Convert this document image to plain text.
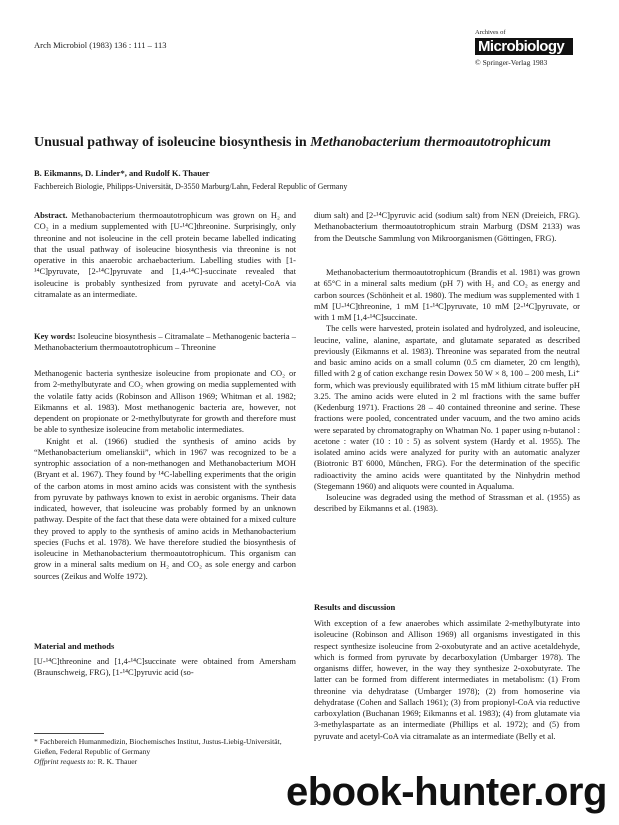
Arch Microbiol (1983) 136 : 111 – 113
Archives of
Microbiology
© Springer-Verlag 1983
Unusual pathway of isoleucine biosynthesis in Methanobacterium thermoautotrophicum
B. Eikmanns, D. Linder*, and Rudolf K. Thauer
Fachbereich Biologie, Philipps-Universität, D-3550 Marburg/Lahn, Federal Republic of Germany

Abstract. Methanobacterium thermoautotrophicum was grown on H₂ and CO₂ in a medium supplemented with [U-¹⁴C]threonine. Surprisingly, only threonine and not isoleucine in the cell protein became labelled indicating that the usual pathway of isoleucine biosynthesis via threonine is not operative in this anaerobic archaebacterium. Labelling studies with [1-¹⁴C]pyruvate, [2-¹⁴C]pyruvate and [1,4-¹⁴C]-succinate revealed that isoleucine is probably synthesized from pyruvate and acetyl-CoA via citramalate as an intermediate.

Key words: Isoleucine biosynthesis – Citramalate – Methanogenic bacteria – Methanobacterium thermoautotrophicum – Threonine

Methanogenic bacteria synthesize isoleucine from propionate and CO₂ or from 2-methylbutyrate and CO₂ when growing on media supplemented with the volatile fatty acids (Robinson and Allison 1969; Whitman et al. 1982; Eikmanns et al. 1983). Most methanogenic bacteria are, however, not dependent on propionate or 2-methylbutyrate for growth and therefore must be able to synthesize isoleucine from metabolic intermediates.

Knight et al. (1966) studied the synthesis of amino acids by “Methanobacterium omelianskii”, which in 1967 was recognized to be a syntrophic association of a non-methanogen and Methanobacterium MOH (Bryant et al. 1967). They found by ¹⁴C-labelling experiments that the origin of the carbon atoms in most amino acids was consistent with the synthesis from pyruvate by pathways known to exist in aerobic organisms. Their data indicated, however, that isoleucine was probably formed by an unknown pathway. Despite of the fact that these data were obtained for a mixed culture they proved to apply to the synthesis of amino acids in Methanobacterium species (Fuchs et al. 1978). We have therefore studied the biosynthesis of isoleucine in Methanobacterium thermoautotrophicum. This organism can grow in a mineral salts medium on H₂ and CO₂ as sole energy and carbon sources (Zeikus and Wolfe 1972).

Material and methods

[U-¹⁴C]threonine and [1,4-¹⁴C]succinate were obtained from Amersham (Braunschweig, FRG), [1-¹⁴C]pyruvic acid (so-

* Fachbereich Humanmedizin, Biochemisches Institut, Justus-Liebig-Universität, Gießen, Federal Republic of Germany

Offprint requests to: R. K. Thauer

dium salt) and [2-¹⁴C]pyruvic acid (sodium salt) from NEN (Dreieich, FRG). Methanobacterium thermoautotrophicum strain Marburg (DSM 2133) was from the Deutsche Sammlung von Mikroorganismen (Göttingen, FRG).

Methanobacterium thermoautotrophicum (Brandis et al. 1981) was grown at 65°C in a mineral salts medium (pH 7) with H₂ and CO₂ as energy and carbon sources (Schönheit et al. 1980). The medium was supplemented with 1 mM [U-¹⁴C]threonine, 1 mM [1-¹⁴C]pyruvate, 10 mM [2-¹⁴C]pyruvate, or with 1 mM [1,4-¹⁴C]succinate.

The cells were harvested, protein isolated and hydrolyzed, and isoleucine, leucine, valine, alanine, aspartate, and glutamate separated as described previously (Eikmanns et al. 1983). Threonine was separated from the neutral and basic amino acids on a small column (0.5 cm diameter, 20 cm length), filled with 2 g of cation exchange resin Dowex 50 W × 8, 100 – 200 mesh, Li⁺ form, which was previously equilibrated with 15 mM lithium citrate buffer pH 3.25. The amino acids were eluted in 2 ml fractions with the same buffer (Kedenburg 1971). Fractions 28 – 40 contained threonine and serine. These fractions were pooled, concentrated under vacuum, and the two amino acids were separated by chromatography on Whatman No. 1 paper using n-butanol : acetone : water (10 : 10 : 5) as solvent system (Hardy et al. 1955). The isolated amino acids were analyzed for purity with an automatic analyzer (Biotronic BT 6000, München, FRG). For the determination of the specific radioactivity the amino acids were quantitated by the Ninhydrin method (Stegemann 1960) and aliquots were counted in Aqualuma.

Isoleucine was degraded using the method of Strassman et al. (1955) as described by Eikmanns et al. (1983).

Results and discussion

With exception of a few anaerobes which assimilate 2-methylbutyrate into isoleucine (Robinson and Allison 1969) all organisms investigated in this respect synthesize isoleucine from 2-oxobutyrate and an active acetaldehyde, which is formed from pyruvate by decarboxylation (Umbarger 1978). The organisms differ, however, in the way they synthesize 2-oxobutyrate. The latter can be formed from different intermediates in metabolism: (1) From threonine via dehydratase (Umbarger 1978); (2) from homoserine via dehydratase (Cohen and Sallach 1961); (3) from propionyl-CoA via reductive carboxylation (Buchanan 1969; Eikmanns et al. 1983); (4) from glutamate via 3-methylaspartate as an intermediate (Phillips et al. 1972); and (5) from pyruvate and acetyl-CoA via citramalate as an intermediate (Belly et al.

ebook-hunter.org
